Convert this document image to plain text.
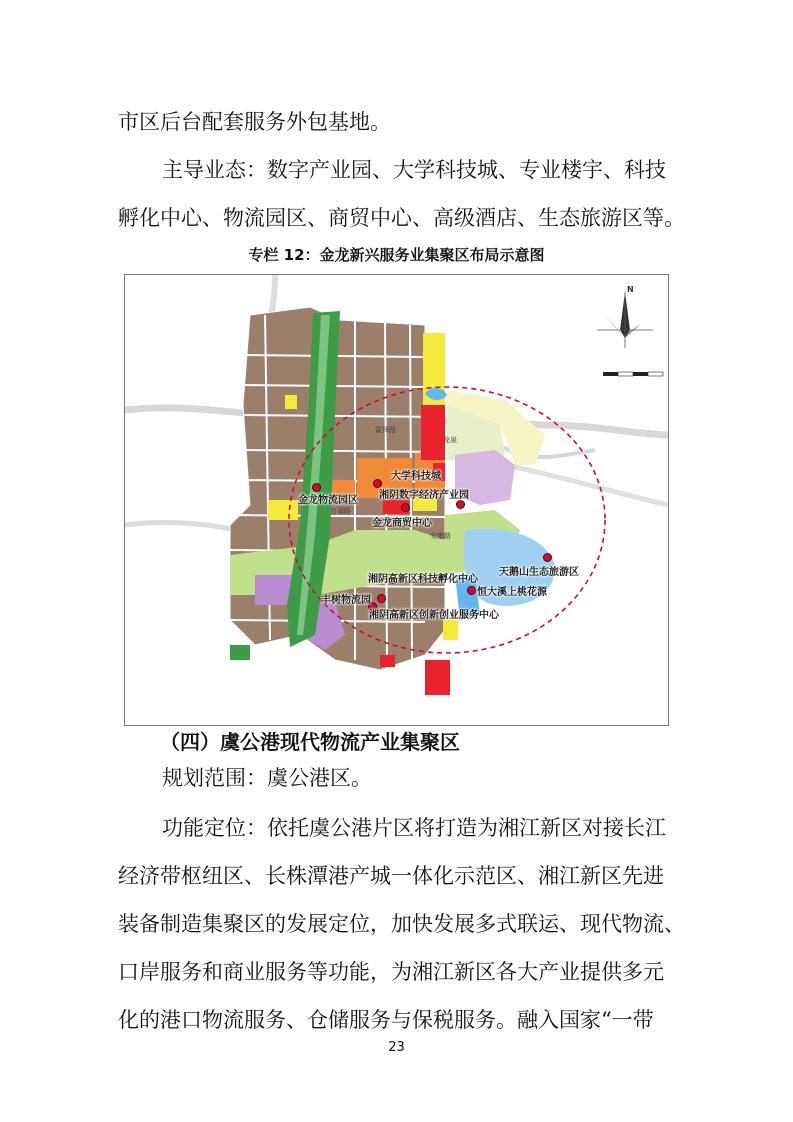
市区后台配套服务外包基地。

主导业态：数字产业园、大学科技城、专业楼宇、科技

孵化中心、物流园区、商贸中心、高级酒店、生态旅游区等。

专栏 12：金龙新兴服务业集聚区布局示意图
N
雷锋路
龙泉
万福路
安康路
大学科技城
湘阴数字经济产业园
金龙物流园区
金龙商贸中心
天鹅山生态旅游区
湘阴高新区科技孵化中心
恒大溪上桃花源
丰树物流园
湘阴高新区创新创业服务中心
（四）虞公港现代物流产业集聚区

规划范围：虞公港区。

功能定位：依托虞公港片区将打造为湘江新区对接长江

经济带枢纽区、长株潭港产城一体化示范区、湘江新区先进

装备制造集聚区的发展定位，加快发展多式联运、现代物流、

口岸服务和商业服务等功能，为湘江新区各大产业提供多元

化的港口物流服务、仓储服务与保税服务。融入国家“一带

23
